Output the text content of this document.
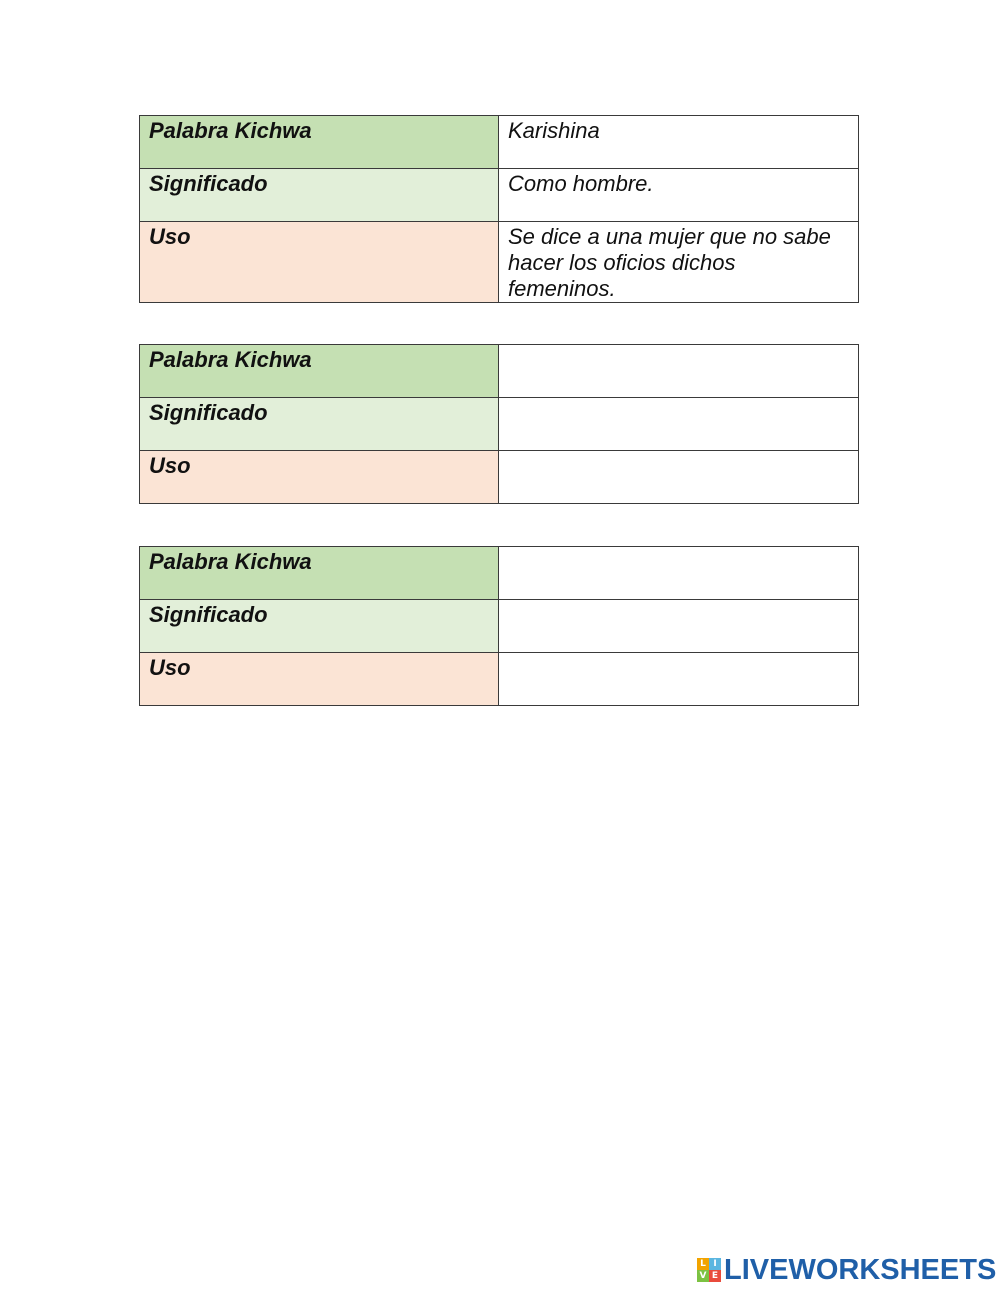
Palabra Kichwa	Karishina
Significado	Como hombre.
Uso	Se dice a una mujer que no sabe hacer los oficios dichos femeninos.
Palabra Kichwa	
Significado	
Uso	
Palabra Kichwa	
Significado	
Uso	
L I
V E LIVEWORKSHEETS
